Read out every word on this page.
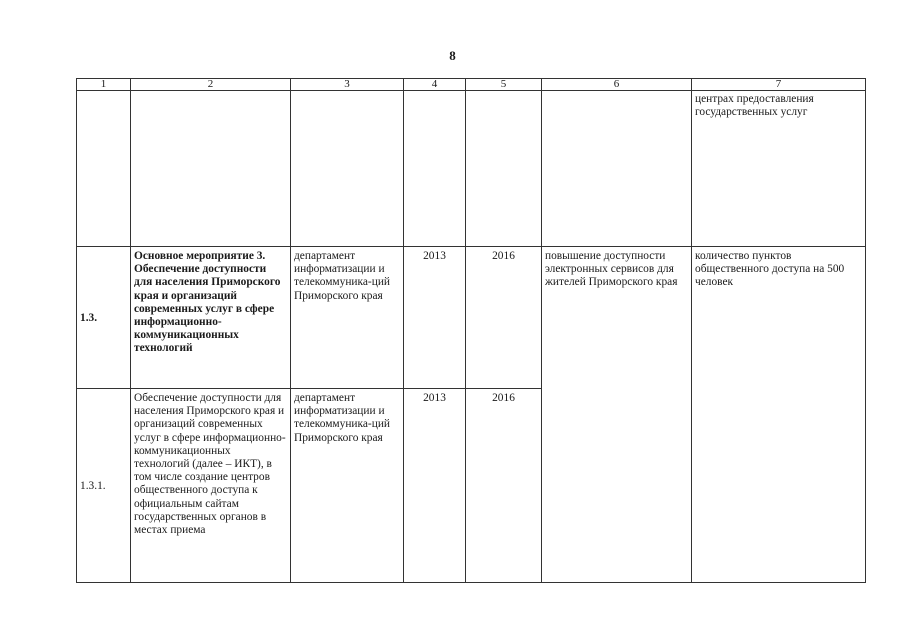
8
1	2	3	4	5	6	7
						центрах предоставления государственных услуг
1.3.	Основное мероприятие 3. Обеспечение доступности для населения Приморского края и организаций современных услуг в сфере информационно-коммуникационных технологий	департамент информатизации и телекоммуника-ций Приморского края	2013	2016	повышение доступности электронных сервисов для жителей Приморского края	количество пунктов общественного доступа на 500 человек
1.3.1.	Обеспечение доступности для населения Приморского края и организаций современных услуг в сфере информационно-коммуникационных технологий (далее – ИКТ), в том числе создание центров общественного доступа к официальным сайтам государственных органов в местах приема	департамент информатизации и телекоммуника-ций Приморского края	2013	2016		
